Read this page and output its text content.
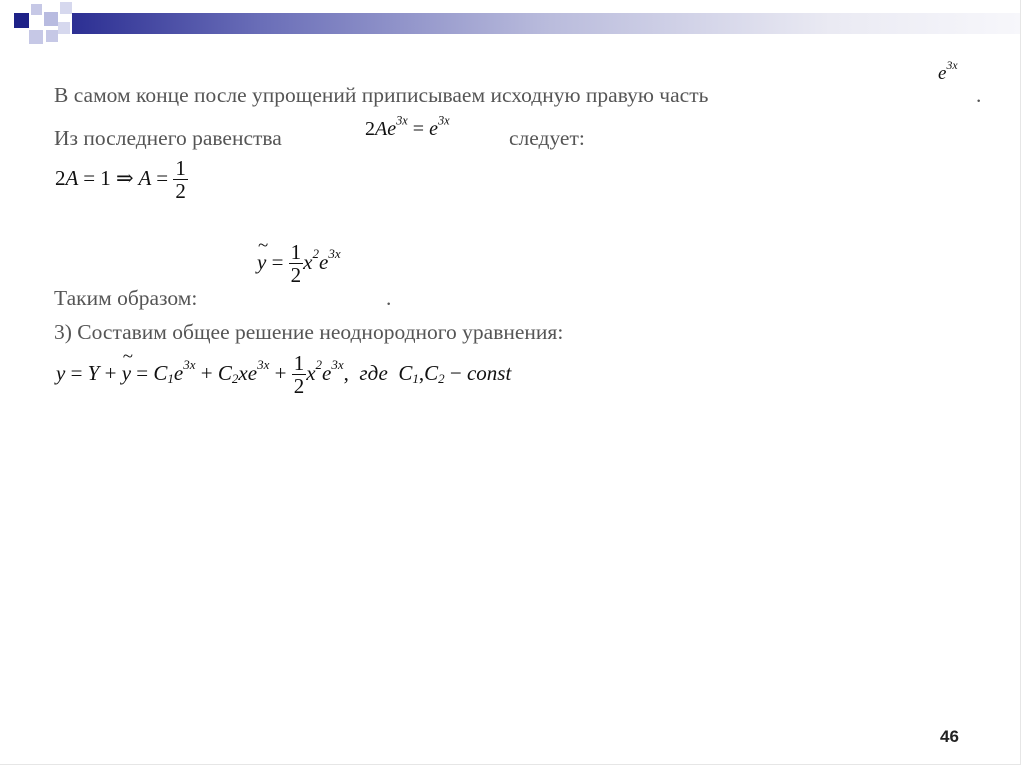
В самом конце после упрощений приписываем исходную правую часть
$e^{3x}$
.
Из последнего равенства	$2Ae^{3x} = e^{3x}$
следует:
2A = 1 ⇒ $A = \frac{1}{2}$
~ $y = \frac{1}{2} x^2e^{3x}$
Таким образом:	.
3) Составим общее решение неоднородного уравнения:
y = Y + ~ $y = C_1e^{3x} + C_2xe^{3x} + \frac{1}{2} x^2e^{3x}$, где  $C_1,C_2$ − const
46
